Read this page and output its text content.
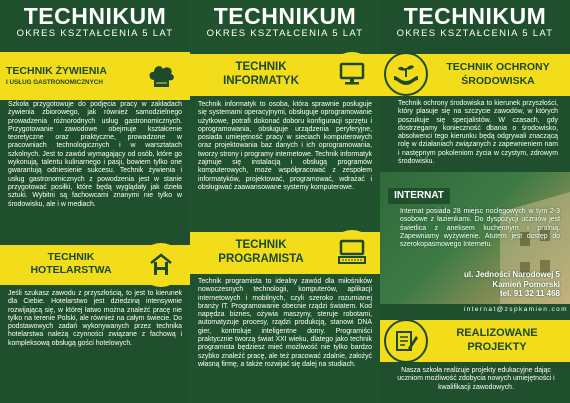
TECHNIKUM
OKRES KSZTAŁCENIA 5 LAT
TECHNIK ŻYWIENIA
I USŁUG GASTRONOMICZNYCH
Szkoła przygotowuje do podjęcia pracy w zakładach żywienia zbiorowego, jak również samodzielnego prowadzenia różnorodnych usług gastronomicznych. Przygotowanie zawodowe obejmuje kształcenie teoretyczne oraz praktyczne, prowadzone w pracowniach technologicznych i w warsztatach szkolnych. Jest to zawód wymagający od osób, które go wykonują, talentu kulinarnego i pasji, bowiem tylko one gwarantują odniesienie sukcesu. Technik żywienia i usług gastronomicznych z powodzenia jest w stanie przygotować posiłki, które będą wyglądały jak dzieła sztuki. Wybitni są fachowcami znanymi nie tylko w środowisku, ale i w mediach.
TECHNIK
HOTELARSTWA
Jeśli szukasz zawodu z przyszłością, to jest to kierunek dla Ciebie. Hotelarstwo jest dziedziną intensywnie rozwijającą się, w której łatwo można znaleźć pracę nie tylko na terenie Polski, ale również na całym świecie. Do podstawowych zadań wykonywanych przez technika hotelarstwa należą czynności związane z fachową i kompleksową obsługą gości hotelowych.
TECHNIKUM
OKRES KSZTAŁCENIA 5 LAT
TECHNIK
INFORMATYK
Technik informatyk to osoba, która sprawnie posługuje się systemami operacyjnymi, obsługuje oprogramowanie użytkowe, potrafi dokonać doboru konfiguracji sprzętu i oprogramowania, obsługuje urządzenia peryferyjne, posiada umiejętność pracy w sieciach komputerowych oraz projektowania baz danych i ich oprogramowania, tworzy strony i programy internetowe. Technik informatyk zajmuje się instalacją i obsługą programów komputerowych, może współpracować z zespołem informatyków, projektować, programować, wdrażać i obsługiwać zaawansowane systemy komputerowe.
TECHNIK
PROGRAMISTA
Technik programista to idealny zawód dla miłośników nowoczesnych technologii, komputerów, aplikacji internetowych i mobilnych, czyli szeroko rozumianej branży IT. Programowanie obecnie rządzi światem. Kod napędza biznes, ożywia maszyny, steruje robotami, automatyzuje procesy, rządzi produkcją, stanowi DNA gier, kontroluje inteligentne domy. Programiści praktycznie tworzą świat XXI wieku, dlatego jako technik programista będziesz mieć możliwość nie tylko bardzo szybko znaleźć pracę, ale też pracować zdalnie, założyć własną firmę, a także rozwijać się dalej na studiach.
TECHNIKUM
OKRES KSZTAŁCENIA 5 LAT
TECHNIK OCHRONY
ŚRODOWISKA
Technik ochrony środowiska to kierunek przyszłości, który plasuje się na szczycie zawodów, w których poszukuje się specjalistów. W czasach, gdy dostrzegamy konieczność dbania o środowisko, absolwenci tego kierunku będą odgrywali znaczącą rolę w działaniach związanych z zapewnieniem nam i następnym pokoleniom życia w czystym, zdrowym środowisku.
INTERNAT
Internat posiada 28 miejsc noclegowych w tym 2-3 osobowe z łazienkami. Do dyspozycji uczniów jest świetlica z aneksem kuchennym i pralnią. Zapewniamy wyżywienie. Atutem jest dostęp do szerokopasmowego Internetu.
ul. Jedności Narodowej 5
Kamień Pomorski
tel. 91 32 11 468
internat@zspkamien.com
REALIZOWANE
PROJEKTY
Nasza szkoła realizuje projekty edukacyjne dając uczniom możliwość zdobycia nowych umiejętności i kwalifikacji zawodowych.
